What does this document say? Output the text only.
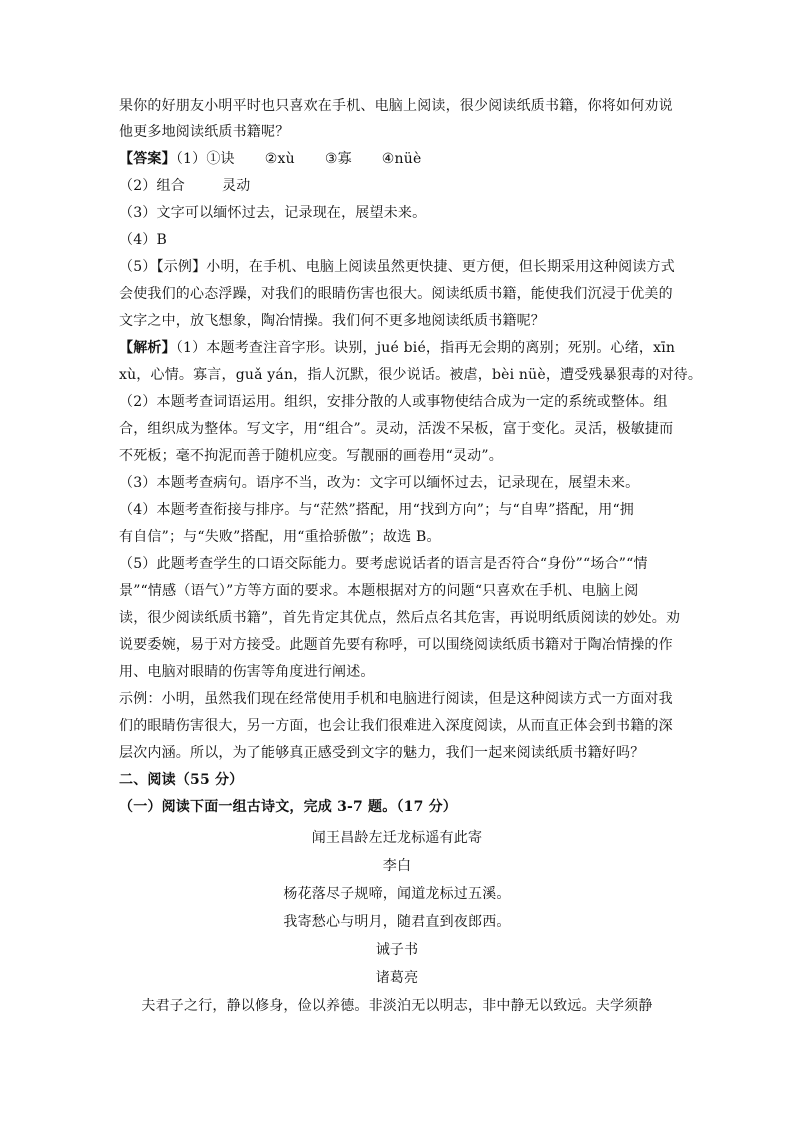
果你的好朋友小明平时也只喜欢在手机、电脑上阅读，很少阅读纸质书籍，你将如何劝说
他更多地阅读纸质书籍呢？
【答案】（1）①诀 ②xù ③寡 ④nüè
（2）组合        灵动
（3）文字可以缅怀过去，记录现在，展望未来。
（4）B
（5）【示例】小明，在手机、电脑上阅读虽然更快捷、更方便，但长期采用这种阅读方式
会使我们的心态浮躁，对我们的眼睛伤害也很大。阅读纸质书籍，能使我们沉浸于优美的
文字之中，放飞想象，陶冶情操。我们何不更多地阅读纸质书籍呢？
【解析】（1）本题考查注音字形。诀别，jué bié，指再无会期的离别；死别。心绪，xīn
xù，心情。寡言，guǎ yán，指人沉默，很少说话。被虐，bèi nüè，遭受残暴狠毒的对待。
（2）本题考查词语运用。组织，安排分散的人或事物使结合成为一定的系统或整体。组
合，组织成为整体。写文字，用“组合”。灵动，活泼不呆板，富于变化。灵活，极敏捷而
不死板；毫不拘泥而善于随机应变。写靓丽的画卷用“灵动”。
（3）本题考查病句。语序不当，改为：文字可以缅怀过去，记录现在，展望未来。
（4）本题考查衔接与排序。与“茫然”搭配，用“找到方向”；与“自卑”搭配，用“拥
有自信”；与“失败”搭配，用“重拾骄傲”；故选 B。
（5）此题考查学生的口语交际能力。要考虑说话者的语言是否符合“身份”“场合”“情
景”“情感（语气）”方等方面的要求。本题根据对方的问题“只喜欢在手机、电脑上阅
读，很少阅读纸质书籍”，首先肯定其优点，然后点名其危害，再说明纸质阅读的妙处。劝
说要委婉，易于对方接受。此题首先要有称呼，可以围绕阅读纸质书籍对于陶冶情操的作
用、电脑对眼睛的伤害等角度进行阐述。
示例：小明，虽然我们现在经常使用手机和电脑进行阅读，但是这种阅读方式一方面对我
们的眼睛伤害很大，另一方面，也会让我们很难进入深度阅读，从而直正体会到书籍的深
层次内涵。所以，为了能够真正感受到文字的魅力，我们一起来阅读纸质书籍好吗？
二、阅读（55 分）
（一）阅读下面一组古诗文，完成 3-7 题。（17 分）
闻王昌龄左迁龙标遥有此寄
李白
杨花落尽子规啼，闻道龙标过五溪。
我寄愁心与明月，随君直到夜郎西。
诫子书
诸葛亮
夫君子之行，静以修身，俭以养德。非淡泊无以明志，非中静无以致远。夫学须静
